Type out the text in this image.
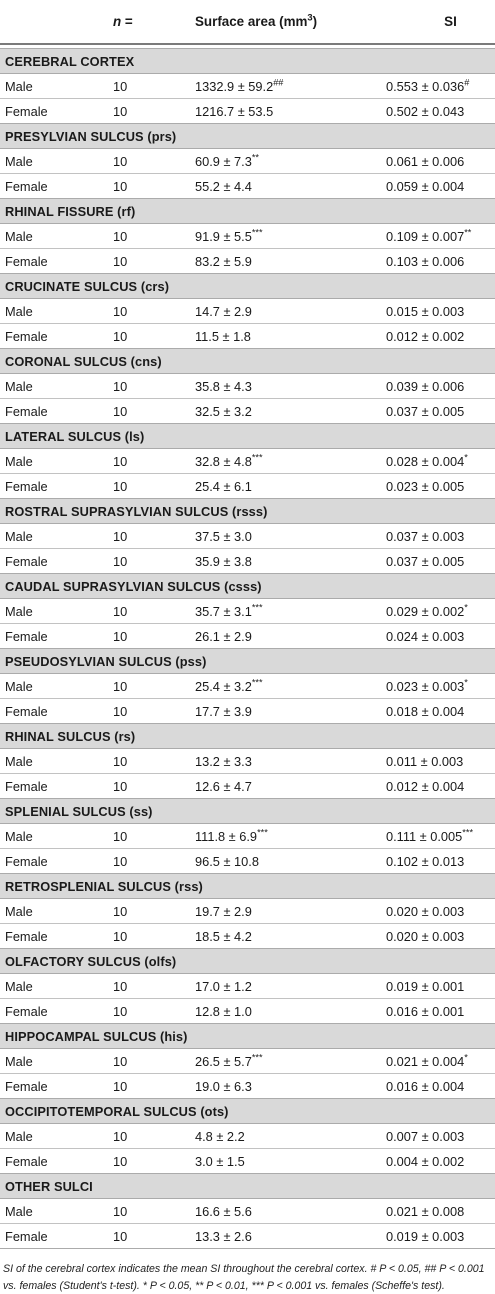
	n =	Surface area $(mm^3)$	SI

CEREBRAL CORTEX			
Male	10	1332.9 ± 59.2##	0.553 ± 0.036#
Female	10	1216.7 ± 53.5	0.502 ± 0.043
PRESYLVIAN SULCUS (prs)			
Male	10	60.9 ± 7.3**	0.061 ± 0.006
Female	10	55.2 ± 4.4	0.059 ± 0.004
RHINAL FISSURE (rf)			
Male	10	91.9 ± 5.5***	0.109 ± 0.007**
Female	10	83.2 ± 5.9	0.103 ± 0.006
CRUCINATE SULCUS (crs)			
Male	10	14.7 ± 2.9	0.015 ± 0.003
Female	10	11.5 ± 1.8	0.012 ± 0.002
CORONAL SULCUS (cns)			
Male	10	35.8 ± 4.3	0.039 ± 0.006
Female	10	32.5 ± 3.2	0.037 ± 0.005
LATERAL SULCUS (ls)			
Male	10	32.8 ± 4.8***	0.028 ± 0.004*
Female	10	25.4 ± 6.1	0.023 ± 0.005
ROSTRAL SUPRASYLVIAN SULCUS (rsss)			
Male	10	37.5 ± 3.0	0.037 ± 0.003
Female	10	35.9 ± 3.8	0.037 ± 0.005
CAUDAL SUPRASYLVIAN SULCUS (csss)			
Male	10	35.7 ± 3.1***	0.029 ± 0.002*
Female	10	26.1 ± 2.9	0.024 ± 0.003
PSEUDOSYLVIAN SULCUS (pss)			
Male	10	25.4 ± 3.2***	0.023 ± 0.003*
Female	10	17.7 ± 3.9	0.018 ± 0.004
RHINAL SULCUS (rs)			
Male	10	13.2 ± 3.3	0.011 ± 0.003
Female	10	12.6 ± 4.7	0.012 ± 0.004
SPLENIAL SULCUS (ss)			
Male	10	111.8 ± 6.9***	0.111 ± 0.005***
Female	10	96.5 ± 10.8	0.102 ± 0.013
RETROSPLENIAL SULCUS (rss)			
Male	10	19.7 ± 2.9	0.020 ± 0.003
Female	10	18.5 ± 4.2	0.020 ± 0.003
OLFACTORY SULCUS (olfs)			
Male	10	17.0 ± 1.2	0.019 ± 0.001
Female	10	12.8 ± 1.0	0.016 ± 0.001
HIPPOCAMPAL SULCUS (his)			
Male	10	26.5 ± 5.7***	0.021 ± 0.004*
Female	10	19.0 ± 6.3	0.016 ± 0.004
OCCIPITOTEMPORAL SULCUS (ots)			
Male	10	4.8 ± 2.2	0.007 ± 0.003
Female	10	3.0 ± 1.5	0.004 ± 0.002
OTHER SULCI			
Male	10	16.6 ± 5.6	0.021 ± 0.008
Female	10	13.3 ± 2.6	0.019 ± 0.003
SI of the cerebral cortex indicates the mean SI throughout the cerebral cortex. # P < 0.05, ## P < 0.001 vs. females (Student's t-test). * P < 0.05, ** P < 0.01, *** P < 0.001 vs. females (Scheffe's test).
